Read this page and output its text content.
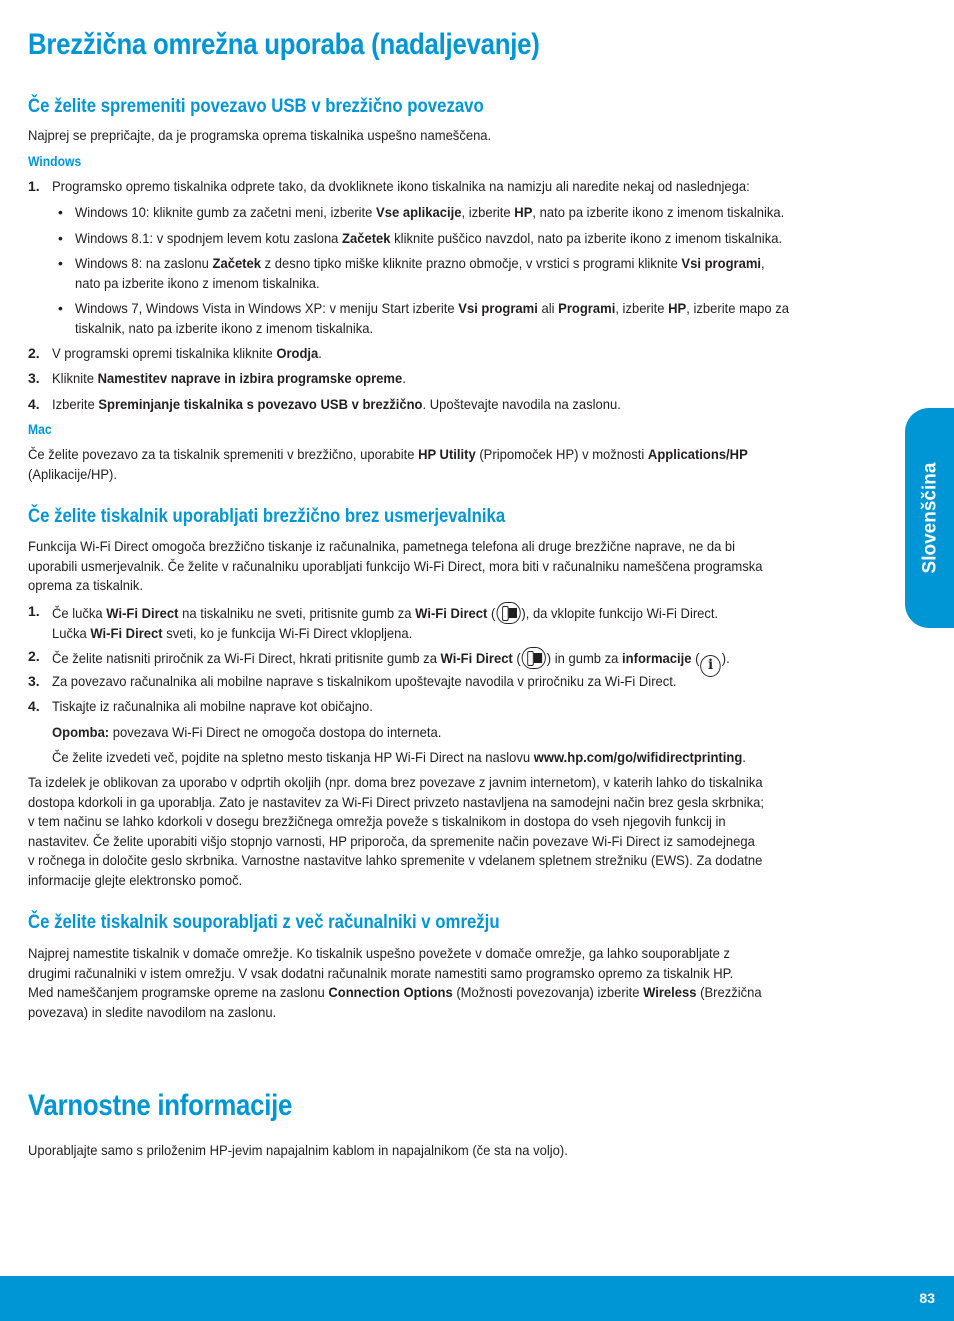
Brezžična omrežna uporaba (nadaljevanje)
Če želite spremeniti povezavo USB v brezžično povezavo
Najprej se prepričajte, da je programska oprema tiskalnika uspešno nameščena.
Windows
1. Programsko opremo tiskalnika odprete tako, da dvokliknete ikono tiskalnika na namizju ali naredite nekaj od naslednjega:
• Windows 10: kliknite gumb za začetni meni, izberite Vse aplikacije, izberite HP, nato pa izberite ikono z imenom tiskalnika.
• Windows 8.1: v spodnjem levem kotu zaslona Začetek kliknite puščico navzdol, nato pa izberite ikono z imenom tiskalnika.
• Windows 8: na zaslonu Začetek z desno tipko miške kliknite prazno območje, v vrstici s programi kliknite Vsi programi,
nato pa izberite ikono z imenom tiskalnika.
• Windows 7, Windows Vista in Windows XP: v meniju Start izberite Vsi programi ali Programi, izberite HP, izberite mapo za
tiskalnik, nato pa izberite ikono z imenom tiskalnika.
2. V programski opremi tiskalnika kliknite Orodja.
3. Kliknite Namestitev naprave in izbira programske opreme.
4. Izberite Spreminjanje tiskalnika s povezavo USB v brezžično. Upoštevajte navodila na zaslonu.
Mac
Če želite povezavo za ta tiskalnik spremeniti v brezžično, uporabite HP Utility (Pripomoček HP) v možnosti Applications/HP
(Aplikacije/HP).
Če želite tiskalnik uporabljati brezžično brez usmerjevalnika
Funkcija Wi-Fi Direct omogoča brezžično tiskanje iz računalnika, pametnega telefona ali druge brezžične naprave, ne da bi
uporabili usmerjevalnik. Če želite v računalniku uporabljati funkcijo Wi-Fi Direct, mora biti v računalniku nameščena programska
oprema za tiskalnik.
1. Če lučka Wi-Fi Direct na tiskalniku ne sveti, pritisnite gumb za Wi-Fi Direct ( ), da vklopite funkcijo Wi-Fi Direct.
Lučka Wi-Fi Direct sveti, ko je funkcija Wi-Fi Direct vklopljena.
2. Če želite natisniti priročnik za Wi-Fi Direct, hkrati pritisnite gumb za Wi-Fi Direct ( ) in gumb za informacije ( i ).
3. Za povezavo računalnika ali mobilne naprave s tiskalnikom upoštevajte navodila v priročniku za Wi-Fi Direct.
4. Tiskajte iz računalnika ali mobilne naprave kot običajno.
Opomba: povezava Wi-Fi Direct ne omogoča dostopa do interneta.
Če želite izvedeti več, pojdite na spletno mesto tiskanja HP Wi-Fi Direct na naslovu www.hp.com/go/wifidirectprinting.
Ta izdelek je oblikovan za uporabo v odprtih okoljih (npr. doma brez povezave z javnim internetom), v katerih lahko do tiskalnika
dostopa kdorkoli in ga uporablja. Zato je nastavitev za Wi-Fi Direct privzeto nastavljena na samodejni način brez gesla skrbnika;
v tem načinu se lahko kdorkoli v dosegu brezžičnega omrežja poveže s tiskalnikom in dostopa do vseh njegovih funkcij in
nastavitev. Če želite uporabiti višjo stopnjo varnosti, HP priporoča, da spremenite način povezave Wi-Fi Direct iz samodejnega
v ročnega in določite geslo skrbnika. Varnostne nastavitve lahko spremenite v vdelanem spletnem strežniku (EWS). Za dodatne
informacije glejte elektronsko pomoč.
Če želite tiskalnik souporabljati z več računalniki v omrežju
Najprej namestite tiskalnik v domače omrežje. Ko tiskalnik uspešno povežete v domače omrežje, ga lahko souporabljate z
drugimi računalniki v istem omrežju. V vsak dodatni računalnik morate namestiti samo programsko opremo za tiskalnik HP.
Med nameščanjem programske opreme na zaslonu Connection Options (Možnosti povezovanja) izberite Wireless (Brezžična
povezava) in sledite navodilom na zaslonu.
Varnostne informacije
Uporabljajte samo s priloženim HP-jevim napajalnim kablom in napajalnikom (če sta na voljo).
Slovenščina
83
